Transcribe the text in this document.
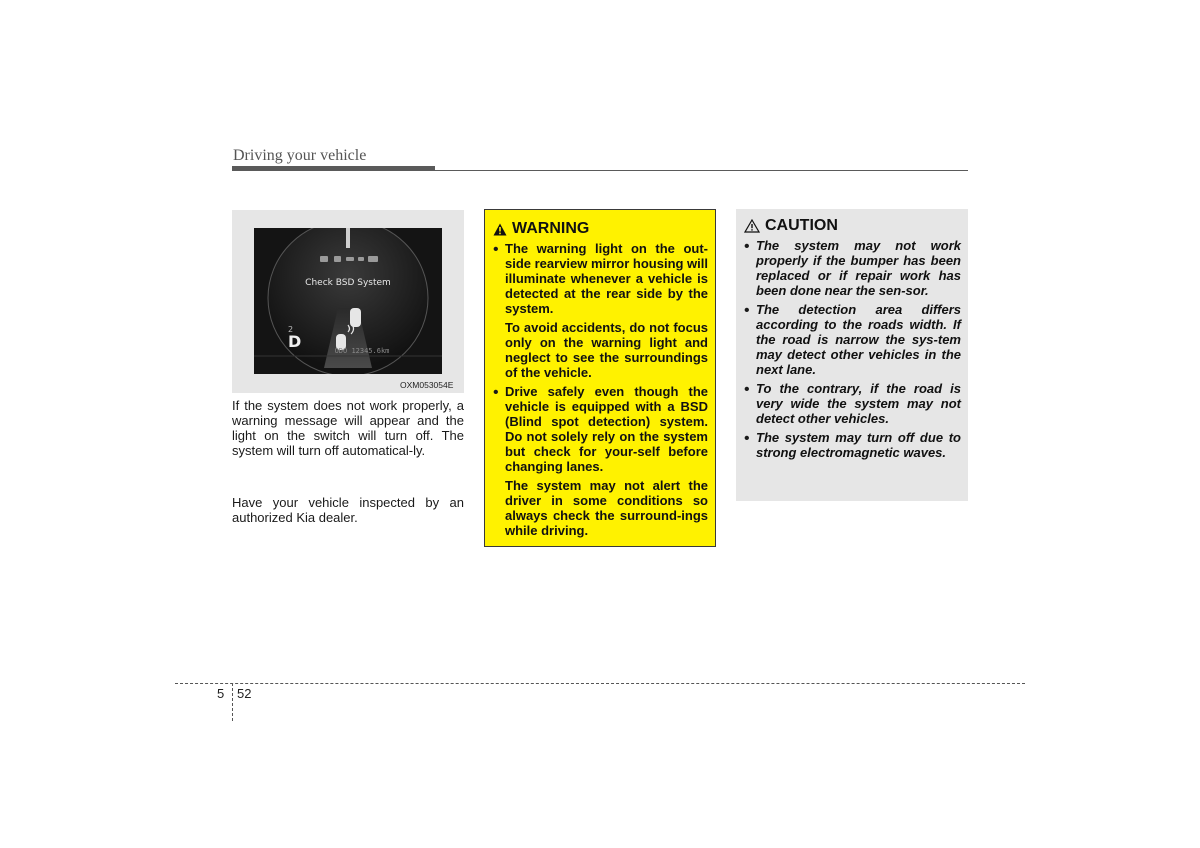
Driving your vehicle
2
Check BSD System
D	ODO 12345.6km
OXM053054E

If the system does not work properly, a warning message will appear and the light on the switch will turn off. The system will turn off automatical-ly.

Have your vehicle inspected by an authorized Kia dealer.

WARNING
• The warning light on the out-side rearview mirror housing will illuminate whenever a vehicle is detected at the rear side by the system.

To avoid accidents, do not focus only on the warning light and neglect to see the surroundings of the vehicle.

• Drive safely even though the vehicle is equipped with a BSD (Blind spot detection) system. Do not solely rely on the system but check for your-self before changing lanes.

The system may not alert the driver in some conditions so always check the surround-ings while driving.

CAUTION
• The system may not work properly if the bumper has been replaced or if repair work has been done near the sen-sor.

• The detection area differs according to the roads width. If the road is narrow the sys-tem may detect other vehicles in the next lane.

• To the contrary, if the road is very wide the system may not detect other vehicles.

• The system may turn off due to strong electromagnetic waves.

5 52
